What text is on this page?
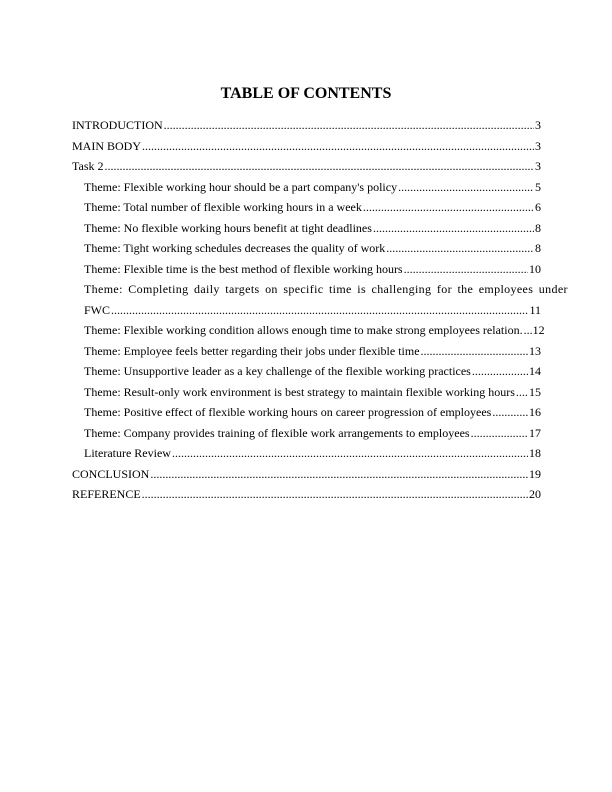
TABLE OF CONTENTS
INTRODUCTION .....	3
MAIN BODY .....	3
Task 2 .....	3
Theme: Flexible working hour should be a part company's policy .....	5
Theme: Total number of flexible working hours in a week .....	6
Theme: No flexible working hours benefit at tight deadlines .....	8
Theme: Tight working schedules decreases the quality of work .....	8
Theme: Flexible time is the best method of flexible working hours .....	10
Theme: Completing daily targets on specific time is challenging for the employees under
FWC .....	11
Theme: Flexible working condition allows enough time to make strong employees relation. ..... 12
Theme: Employee feels better regarding their jobs under flexible time .....	13
Theme: Unsupportive leader as a key challenge of the flexible working practices .....	14
Theme: Result-only work environment is best strategy to maintain flexible working hours ..... 15
Theme: Positive effect of flexible working hours on career progression of employees .....	16
Theme: Company provides training of flexible work arrangements to employees .....	17
Literature Review .....	18
CONCLUSION .....	19
REFERENCE .....	20
